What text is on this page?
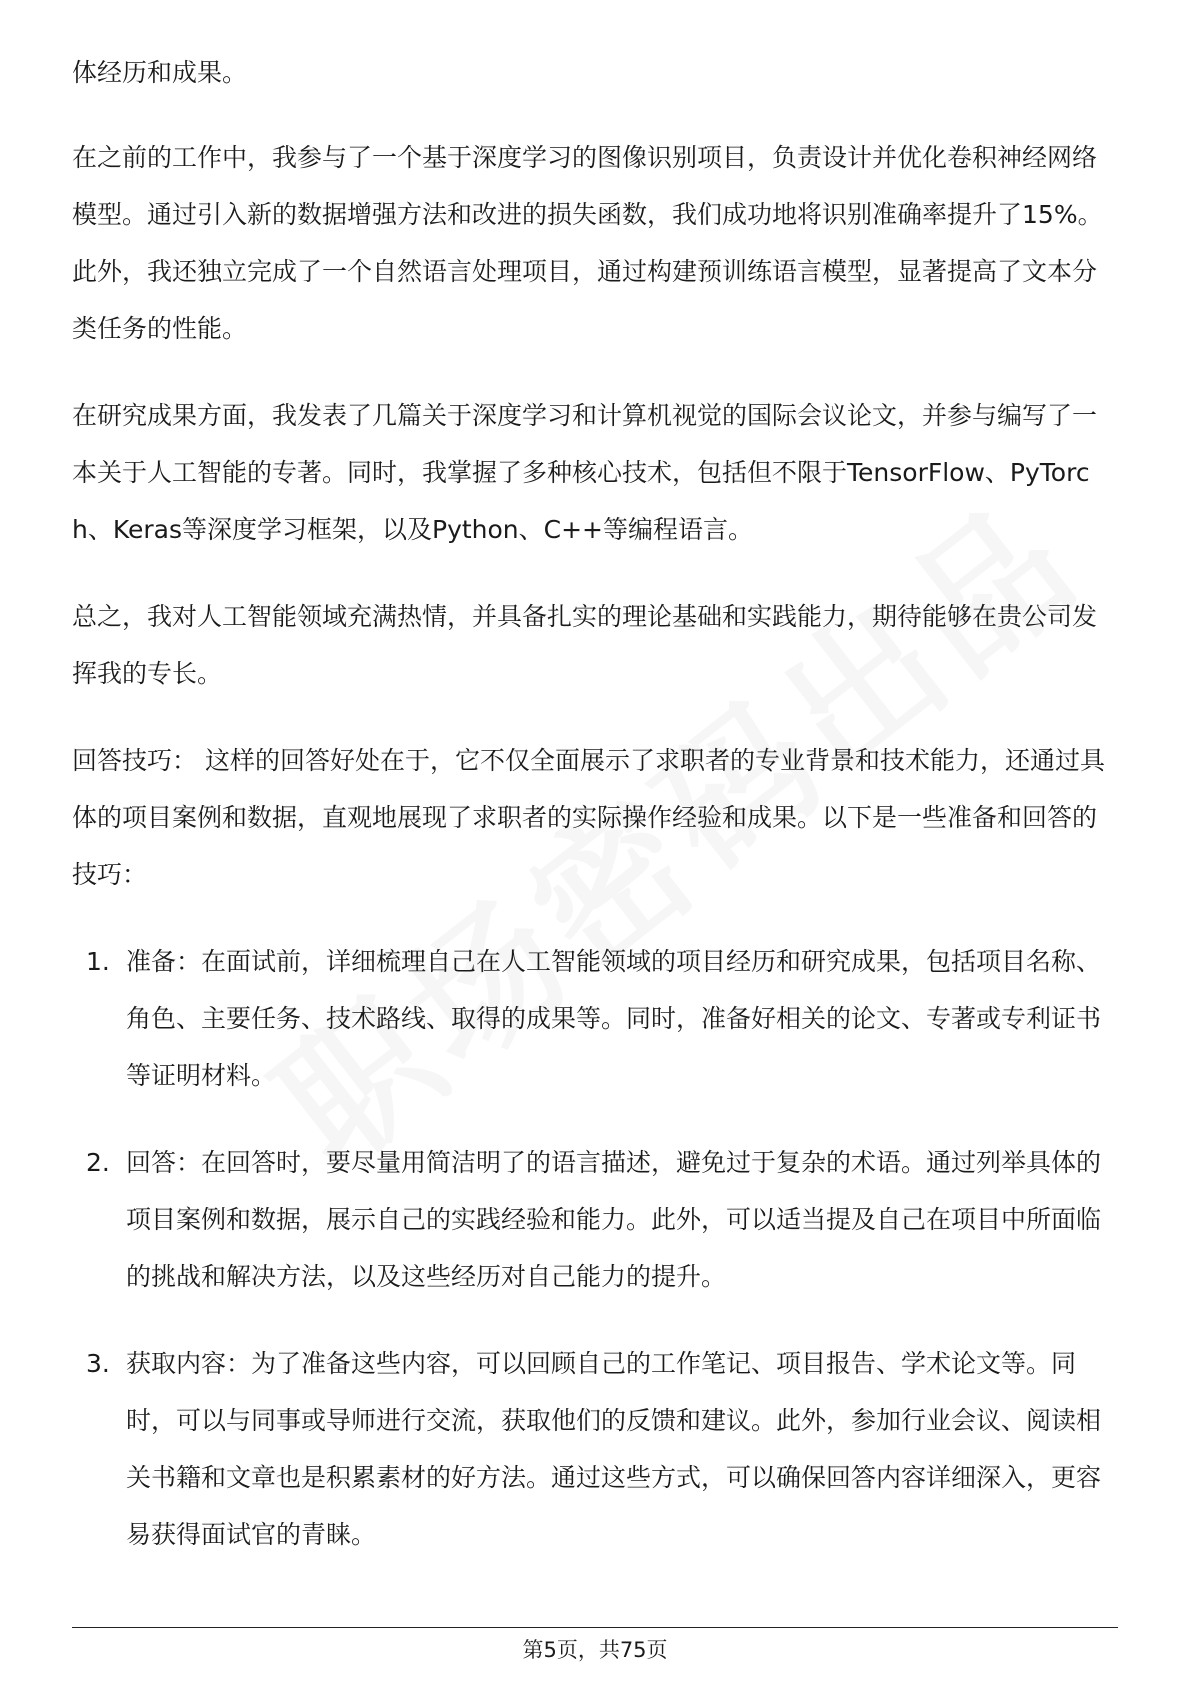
体经历和成果。

在之前的工作中，我参与了一个基于深度学习的图像识别项目，负责设计并优化卷积神经网络模型。通过引入新的数据增强方法和改进的损失函数，我们成功地将识别准确率提升了15%。此外，我还独立完成了一个自然语言处理项目，通过构建预训练语言模型，显著提高了文本分类任务的性能。

在研究成果方面，我发表了几篇关于深度学习和计算机视觉的国际会议论文，并参与编写了一本关于人工智能的专著。同时，我掌握了多种核心技术，包括但不限于TensorFlow、PyTorch、Keras等深度学习框架，以及Python、C++等编程语言。

总之，我对人工智能领域充满热情，并具备扎实的理论基础和实践能力，期待能够在贵公司发挥我的专长。

回答技巧： 这样的回答好处在于，它不仅全面展示了求职者的专业背景和技术能力，还通过具体的项目案例和数据，直观地展现了求职者的实际操作经验和成果。以下是一些准备和回答的技巧：

1. 准备：在面试前，详细梳理自己在人工智能领域的项目经历和研究成果，包括项目名称、角色、主要任务、技术路线、取得的成果等。同时，准备好相关的论文、专著或专利证书等证明材料。
2. 回答：在回答时，要尽量用简洁明了的语言描述，避免过于复杂的术语。通过列举具体的项目案例和数据，展示自己的实践经验和能力。此外，可以适当提及自己在项目中所面临的挑战和解决方法，以及这些经历对自己能力的提升。
3. 获取内容：为了准备这些内容，可以回顾自己的工作笔记、项目报告、学术论文等。同时，可以与同事或导师进行交流，获取他们的反馈和建议。此外，参加行业会议、阅读相关书籍和文章也是积累素材的好方法。通过这些方式，可以确保回答内容详细深入，更容易获得面试官的青睐。
第5页，共75页
